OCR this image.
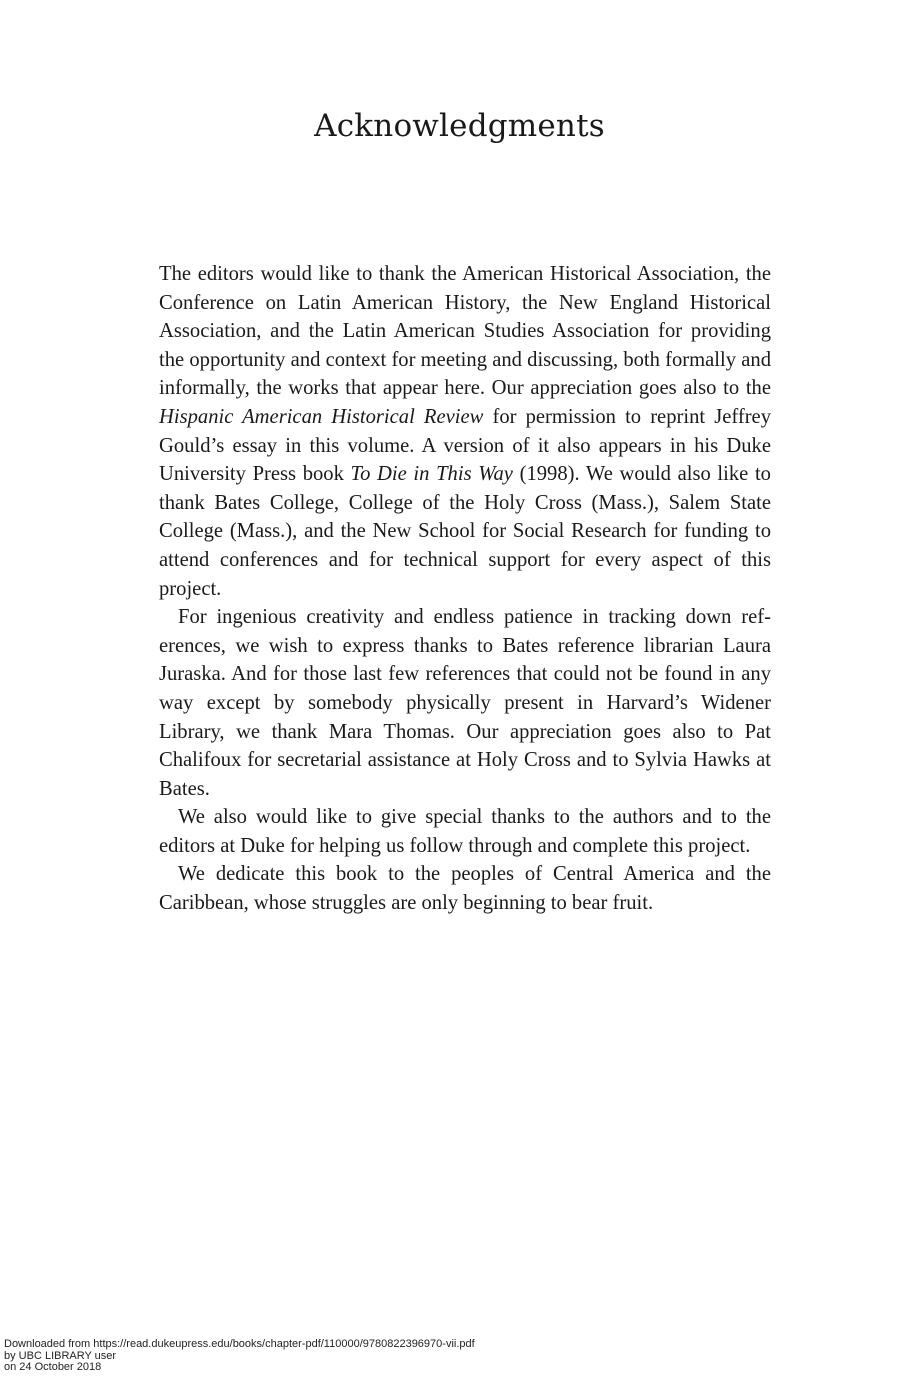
Acknowledgments

The editors would like to thank the American Historical Association, the Conference on Latin American History, the New England Historical Association, and the Latin American Studies Association for providing the opportunity and context for meeting and discussing, both formally and informally, the works that appear here. Our appreciation goes also to the Hispanic American Historical Review for permission to reprint Jeffrey Gould’s essay in this volume. A version of it also appears in his Duke University Press book To Die in This Way (1998). We would also like to thank Bates College, College of the Holy Cross (Mass.), Salem State College (Mass.), and the New School for Social Research for funding to attend conferences and for technical support for every aspect of this project.

For ingenious creativity and endless patience in tracking down references, we wish to express thanks to Bates reference librarian Laura Juraska. And for those last few references that could not be found in any way except by somebody physically present in Harvard’s Widener Library, we thank Mara Thomas. Our appreciation goes also to Pat Chalifoux for secretarial assistance at Holy Cross and to Sylvia Hawks at Bates.

We also would like to give special thanks to the authors and to the editors at Duke for helping us follow through and complete this project.

We dedicate this book to the peoples of Central America and the Caribbean, whose struggles are only beginning to bear fruit.

Downloaded from https://read.dukeupress.edu/books/chapter-pdf/110000/9780822396970-vii.pdf
by UBC LIBRARY user
on 24 October 2018
